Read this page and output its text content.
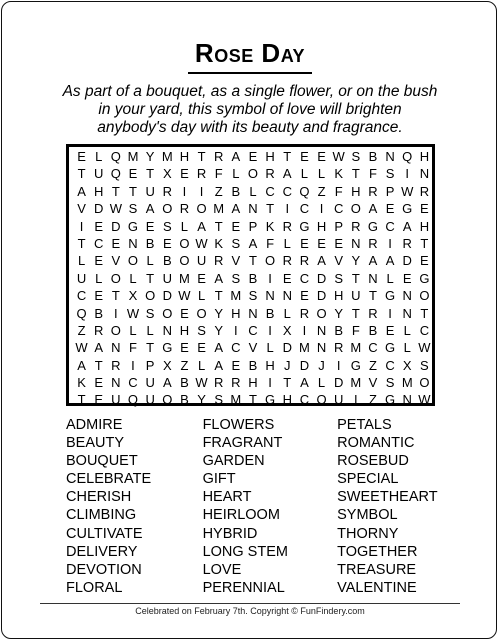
Rose Day

As part of a bouquet, as a single flower, or on the bush in your yard, this symbol of love will brighten anybody's day with its beauty and fragrance.

E L Q M Y M H T R A E H T E E W S B N Q H
T U Q E T X E R F L O R A L L K T F S I N
A H T T U R I	I Z B L C C Q Z F H R P W R
V D W S A O R O M A N T I C I C O A E G E
I E D G E S L A T E P K R G H P R G C A H
T C E N B E O W K S A F L E E E N R I R T
L E V O L B O U R V T O R R A V Y A A D E
U L O L T U M E A S B I E C D S T N L E G
C E T X O D W L T M S N N E D H U T G N O
Q B I W S O E O Y H N B L R O Y T R I N T
Z R O L L N H S Y I C I X I N B F B E L C
W A N F T G E E A C V L D M N R M C G L W
A T R I P X Z L A E B H J D J I G Z C X S
K E N C U A B W R R H I T A L D M V S M O
T E U Q U O B Y S M T G H C O U I Z G N W
ADMIRE
BEAUTY
BOUQUET
CELEBRATE
CHERISH
CLIMBING
CULTIVATE
DELIVERY
DEVOTION
FLORAL
FLOWERS
FRAGRANT
GARDEN
GIFT
HEART
HEIRLOOM
HYBRID
LONG STEM
LOVE
PERENNIAL
PETALS
ROMANTIC
ROSEBUD
SPECIAL
SWEETHEART
SYMBOL
THORNY
TOGETHER
TREASURE
VALENTINE
Celebrated on February 7th. Copyright © FunFindery.com
